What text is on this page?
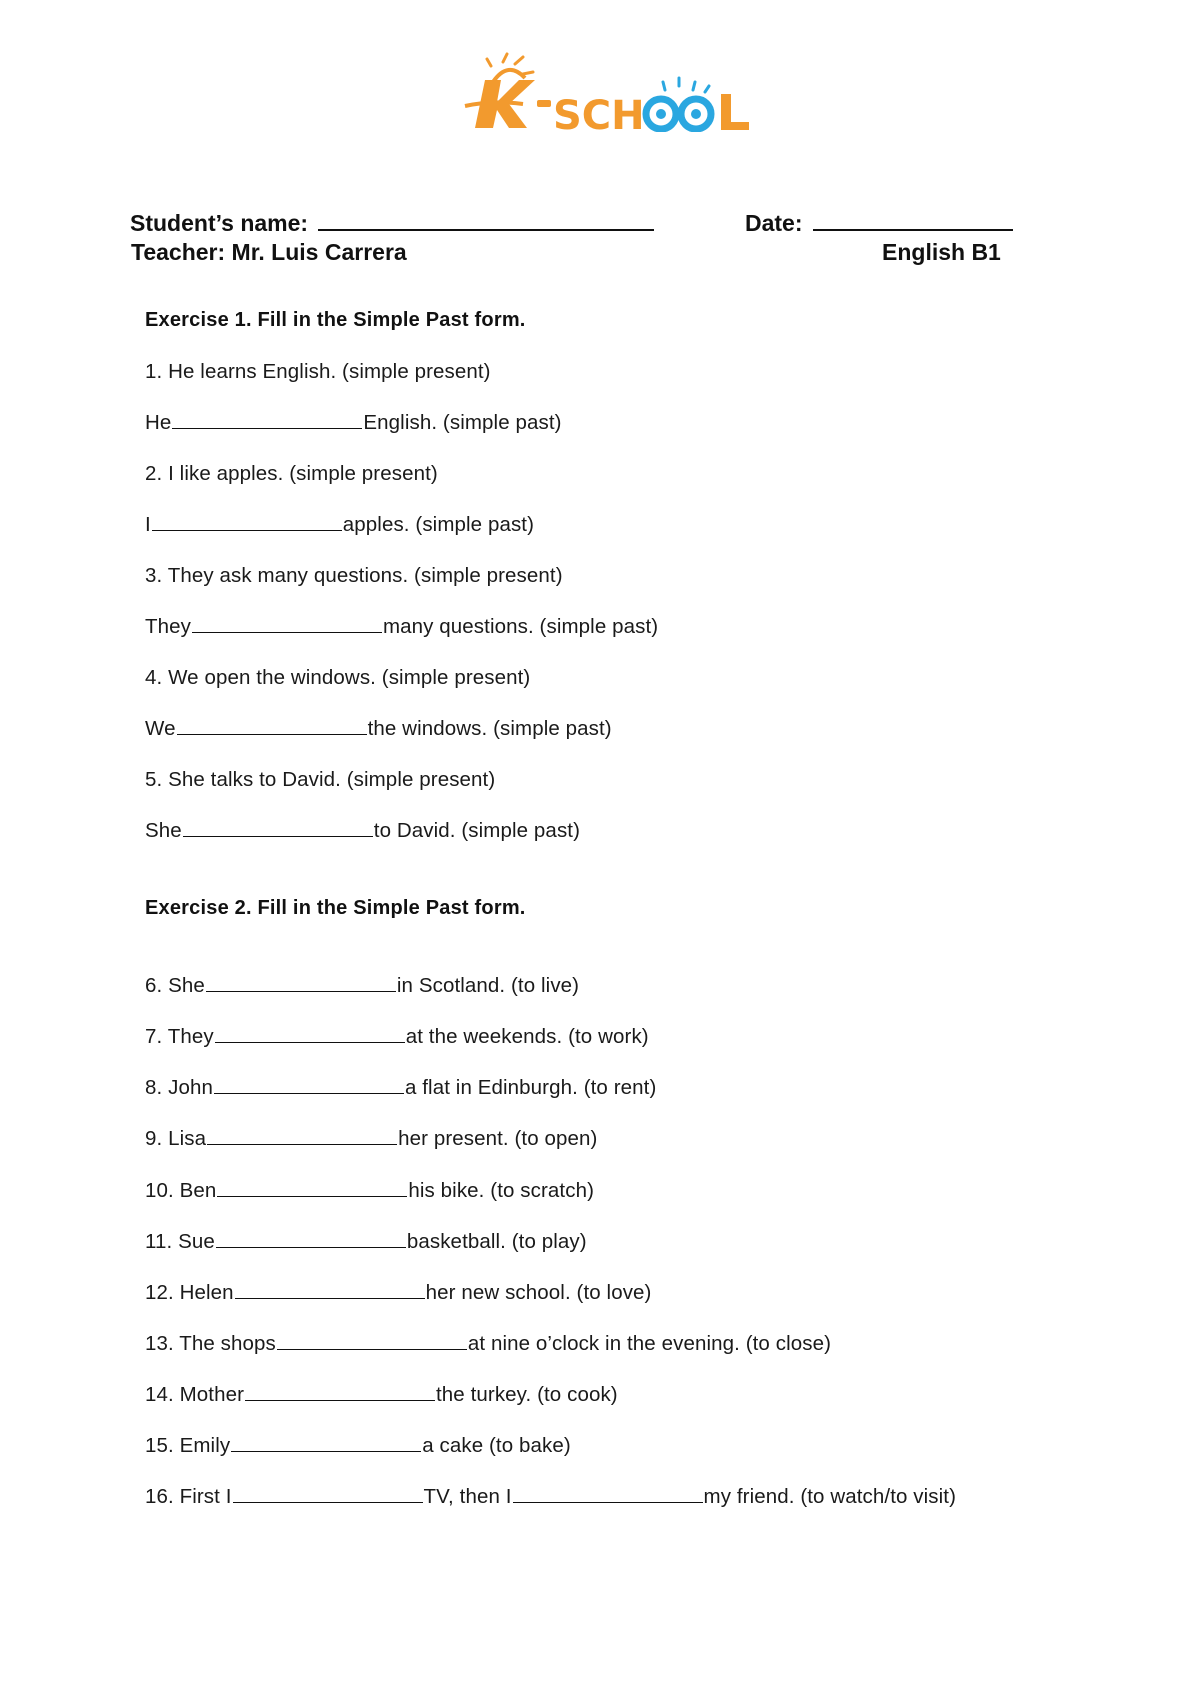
SCH
Student’s name:	Date:
Teacher: Mr. Luis Carrera	English B1
Exercise 1. Fill in the Simple Past form.
1. He learns English. (simple present)
He	English. (simple past)
2. I like apples. (simple present)
I	apples. (simple past)
3. They ask many questions. (simple present)
They	many questions. (simple past)
4. We open the windows. (simple present)
We	the windows. (simple past)
5. She talks to David. (simple present)
She	to David. (simple past)
Exercise 2. Fill in the Simple Past form.
6. She	in Scotland. (to live)
7. They	at the weekends. (to work)
8. John	a flat in Edinburgh. (to rent)
9. Lisa	her present. (to open)
10. Ben	his bike. (to scratch)
11. Sue	basketball. (to play)
12. Helen	her new school. (to love)
13. The shops	at nine o’clock in the evening. (to close)
14. Mother	the turkey. (to cook)
15. Emily	a cake (to bake)
16. First I	TV, then I	my friend. (to watch/to visit)
